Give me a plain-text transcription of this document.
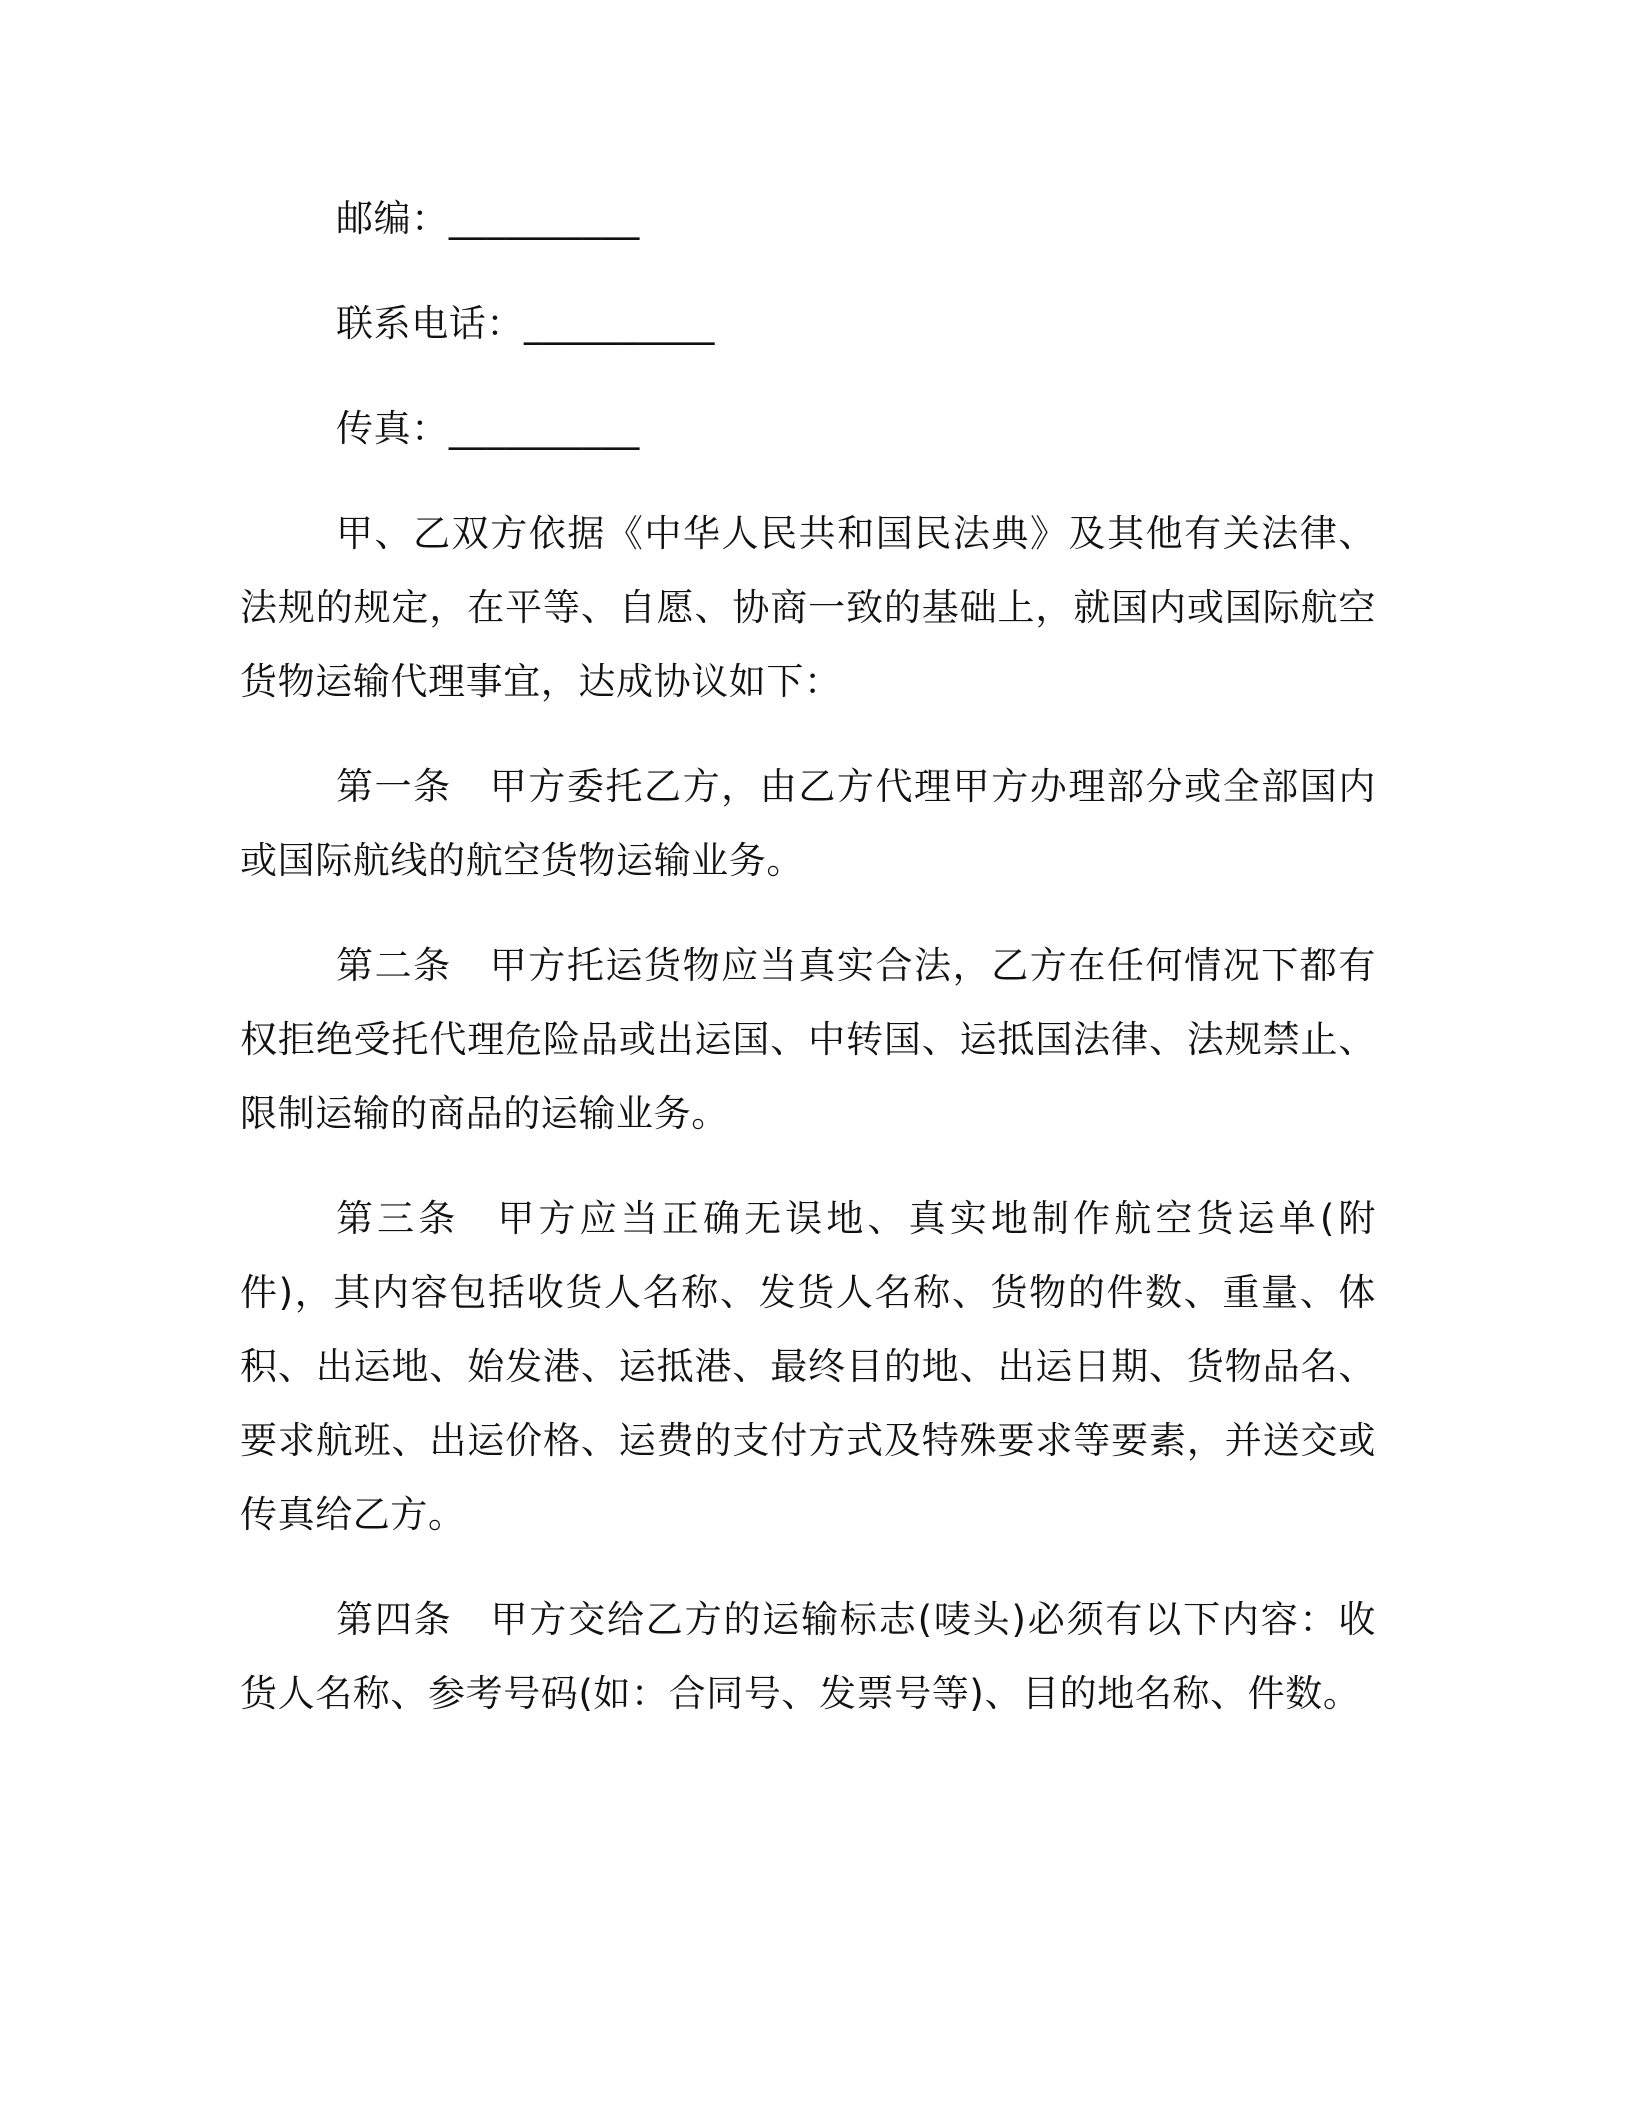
邮编：__________

联系电话：__________

传真：__________

甲、乙双方依据《中华人民共和国民法典》及其他有关法律、法规的规定，在平等、自愿、协商一致的基础上，就国内或国际航空货物运输代理事宜，达成协议如下：

第一条 甲方委托乙方，由乙方代理甲方办理部分或全部国内或国际航线的航空货物运输业务。

第二条 甲方托运货物应当真实合法，乙方在任何情况下都有权拒绝受托代理危险品或出运国、中转国、运抵国法律、法规禁止、限制运输的商品的运输业务。

第三条 甲方应当正确无误地、真实地制作航空货运单(附件)，其内容包括收货人名称、发货人名称、货物的件数、重量、体积、出运地、始发港、运抵港、最终目的地、出运日期、货物品名、要求航班、出运价格、运费的支付方式及特殊要求等要素，并送交或传真给乙方。

第四条 甲方交给乙方的运输标志(唛头)必须有以下内容：收货人名称、参考号码(如：合同号、发票号等)、目的地名称、件数。
